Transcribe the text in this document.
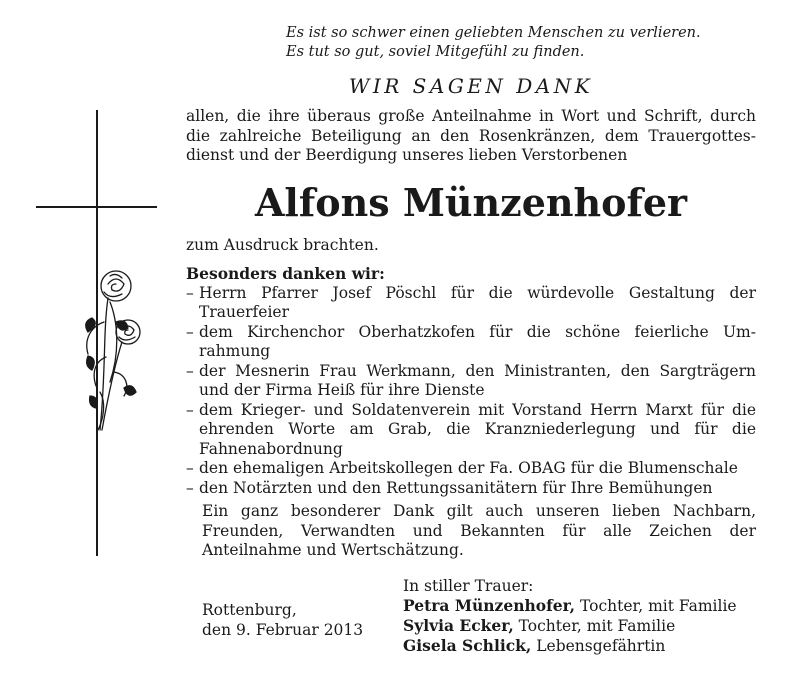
Es ist so schwer einen geliebten Menschen zu verlieren.
Es tut so gut, soviel Mitgefühl zu finden.
WIR SAGEN DANK
allen, die ihre überaus große Anteilnahme in Wort und Schrift, durch die zahlreiche Beteiligung an den Rosenkränzen, dem Trauergottesdienst und der Beerdigung unseres lieben Verstorbenen
Alfons Münzenhofer
zum Ausdruck brachten.
Besonders danken wir:
– Herrn Pfarrer Josef Pöschl für die würdevolle Gestaltung der Trauerfeier
– dem Kirchenchor Oberhatzkofen für die schöne feierliche Umrahmung
– der Mesnerin Frau Werkmann, den Ministranten, den Sargträgern und der Firma Heiß für ihre Dienste
– dem Krieger- und Soldatenverein mit Vorstand Herrn Marxt für die ehrenden Worte am Grab, die Kranzniederlegung und für die Fahnenabordnung
– den ehemaligen Arbeitskollegen der Fa. OBAG für die Blumenschale
– den Notärzten und den Rettungssanitätern für Ihre Bemühungen
Ein ganz besonderer Dank gilt auch unseren lieben Nachbarn, Freunden, Verwandten und Bekannten für alle Zeichen der Anteilnahme und Wertschätzung.
Rottenburg,
den 9. Februar 2013
In stiller Trauer:
Petra Münzenhofer, Tochter, mit Familie
Sylvia Ecker, Tochter, mit Familie
Gisela Schlick, Lebensgefährtin
